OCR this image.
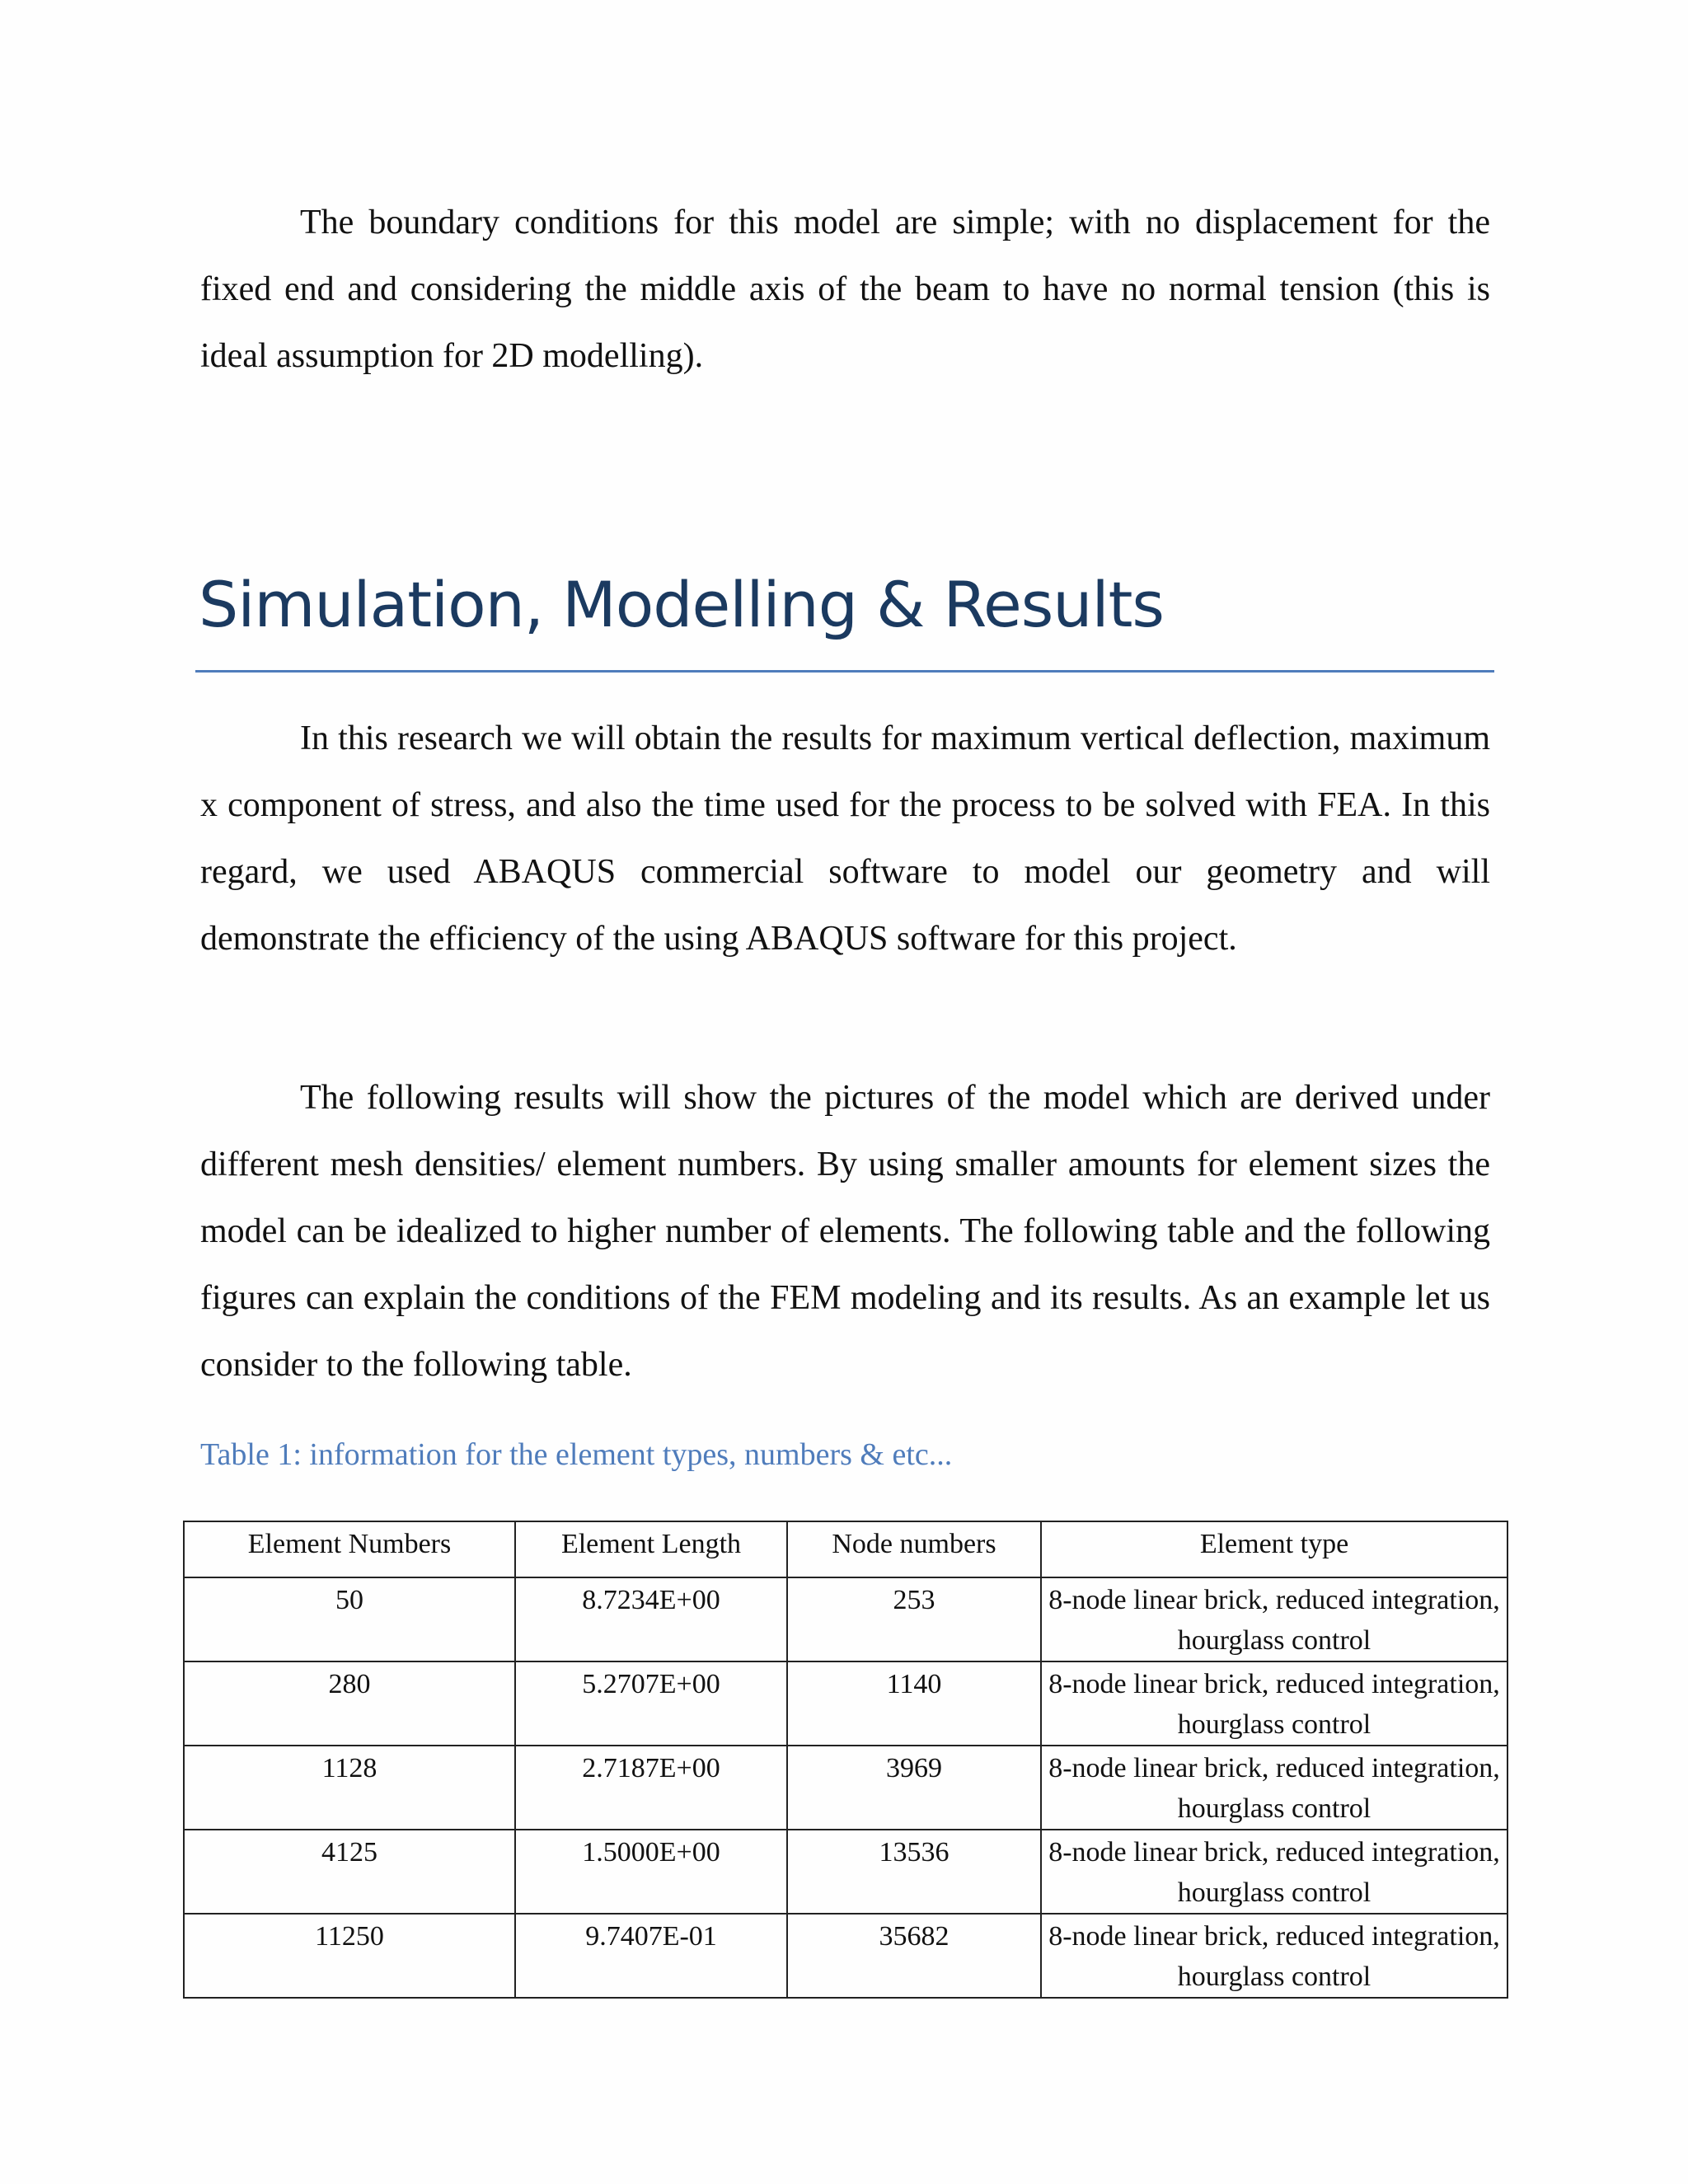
The boundary conditions for this model are simple; with no displacement for the fixed end and considering the middle axis of the beam to have no normal tension (this is ideal assumption for 2D modelling).

Simulation, Modelling & Results

In this research we will obtain the results for maximum vertical deflection, maximum x component of stress, and also the time used for the process to be solved with FEA. In this regard, we used ABAQUS commercial software to model our geometry and will demonstrate the efficiency of the using ABAQUS software for this project.

The following results will show the pictures of the model which are derived under different mesh densities/ element numbers. By using smaller amounts for element sizes the model can be idealized to higher number of elements. The following table and the following figures can explain the conditions of the FEM modeling and its results. As an example let us consider to the following table.

Table 1: information for the element types, numbers & etc...

Element Numbers	Element Length	Node numbers	Element type
50	8.7234E+00	253	8-node linear brick, reduced integration, hourglass control
280	5.2707E+00	1140	8-node linear brick, reduced integration, hourglass control
1128	2.7187E+00	3969	8-node linear brick, reduced integration, hourglass control
4125	1.5000E+00	13536	8-node linear brick, reduced integration, hourglass control
11250	9.7407E-01	35682	8-node linear brick, reduced integration, hourglass control
